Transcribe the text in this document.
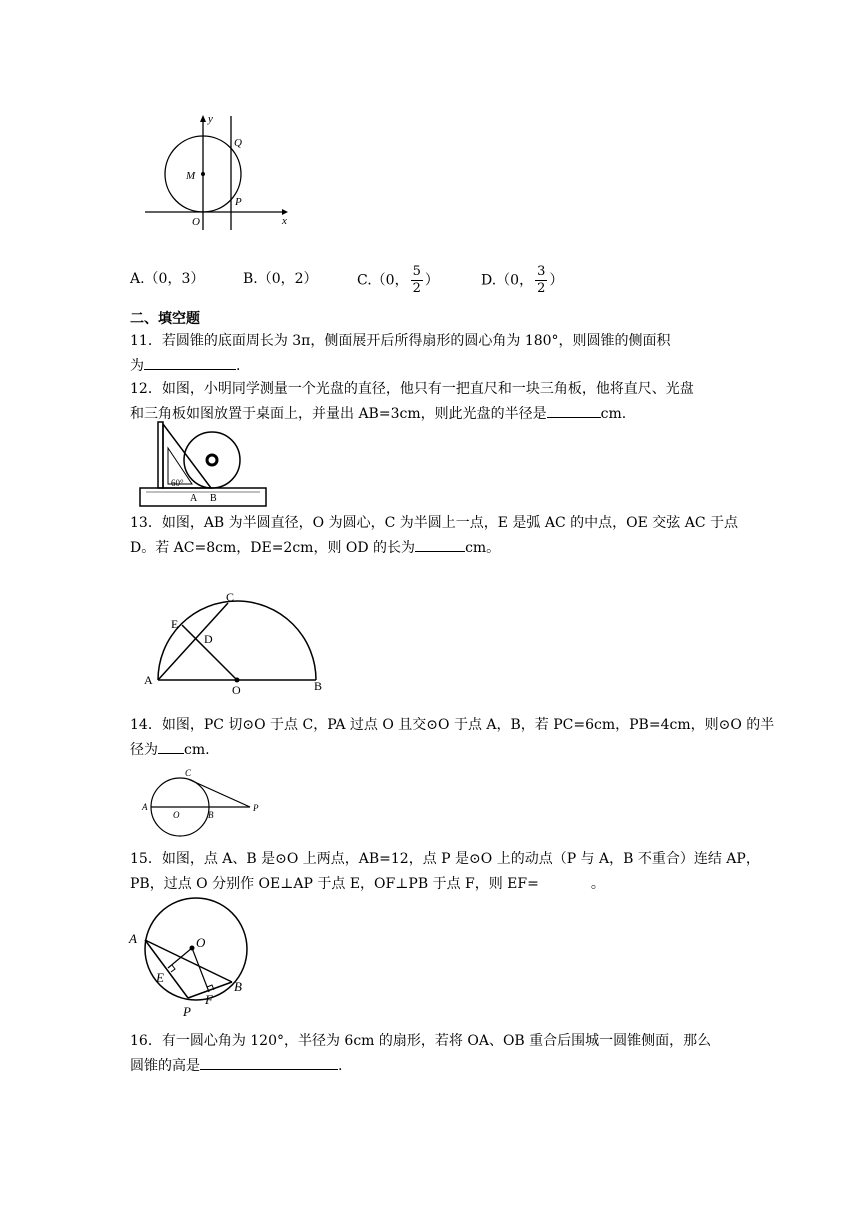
y
x
Q
M
O
P
A.（0，3）	B.（0，2）	C.（0， $\frac{5}{2}$ ）	D.（0， $\frac{3}{2}$ ）
二、填空题
11．若圆锥的底面周长为 3π，侧面展开后所得扇形的圆心角为 180°，则圆锥的侧面积
为	.
12．如图，小明同学测量一个光盘的直径，他只有一把直尺和一块三角板，他将直尺、光盘
和三角板如图放置于桌面上，并量出 AB=3cm，则此光盘的半径是	cm.
60°
A B
13．如图，AB 为半圆直径，O 为圆心，C 为半圆上一点，E 是弧 AC 的中点，OE 交弦 AC 于点
D。若 AC=8cm，DE=2cm，则 OD 的长为	cm。
A	B
C
E
D
O
14．如图，PC 切⊙O 于点 C，PA 过点 O 且交⊙O 于点 A，B，若 PC=6cm，PB=4cm，则⊙O 的半
径为 cm.
A
O	B
C
P
15．如图，点 A、B 是⊙O 上两点，AB=12，点 P 是⊙O 上的动点（P 与 A，B 不重合）连结 AP，
PB，过点 O 分别作 OE⊥AP 于点 E，OF⊥PB 于点 F，则 EF=	。
A	O
E
F
B
P
16．有一圆心角为 120°，半径为 6cm 的扇形，若将 OA、OB 重合后围城一圆锥侧面，那么
圆锥的高是	.
